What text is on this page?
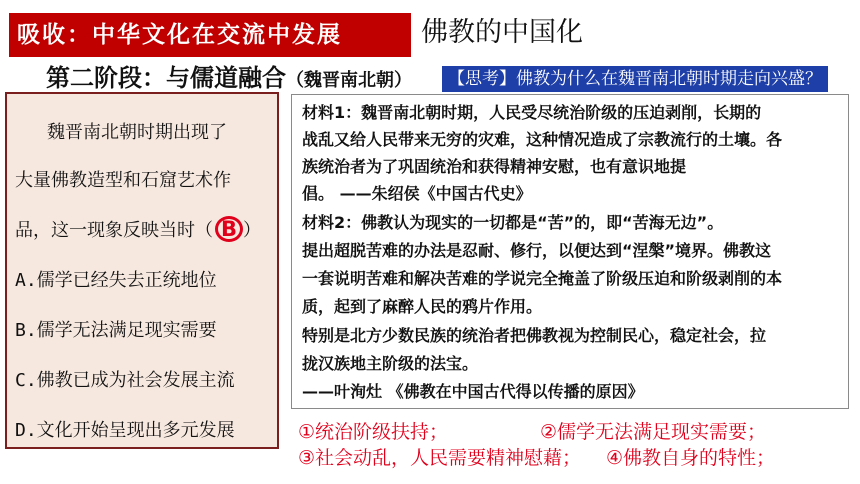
吸收：中华文化在交流中发展	佛教的中国化
第二阶段：与儒道融合（魏晋南北朝）	【思考】佛教为什么在魏晋南北朝时期走向兴盛？
魏晋南北朝时期出现了
大量佛教造型和石窟艺术作
品，这一现象反映当时（ B ）
A.儒学已经失去正统地位
B.儒学无法满足现实需要
C.佛教已成为社会发展主流
D.文化开始呈现出多元发展
材料1：魏晋南北朝时期，人民受尽统治阶级的压迫剥削，长期的
战乱又给人民带来无穷的灾难，这种情况造成了宗教流行的土壤。各
族统治者为了巩固统治和获得精神安慰，也有意识地提
倡。 ——朱绍侯《中国古代史》
材料2：佛教认为现实的一切都是“苦”的，即“苦海无边”。
提出超脱苦难的办法是忍耐、修行，以便达到“涅槃”境界。佛教这
一套说明苦难和解决苦难的学说完全掩盖了阶级压迫和阶级剥削的本
质，起到了麻醉人民的鸦片作用。
特别是北方少数民族的统治者把佛教视为控制民心，稳定社会，拉
拢汉族地主阶级的法宝。
——叶洵灶 《佛教在中国古代得以传播的原因》
①统治阶级扶持；	②儒学无法满足现实需要；
③社会动乱，人民需要精神慰藉； ④佛教自身的特性；
